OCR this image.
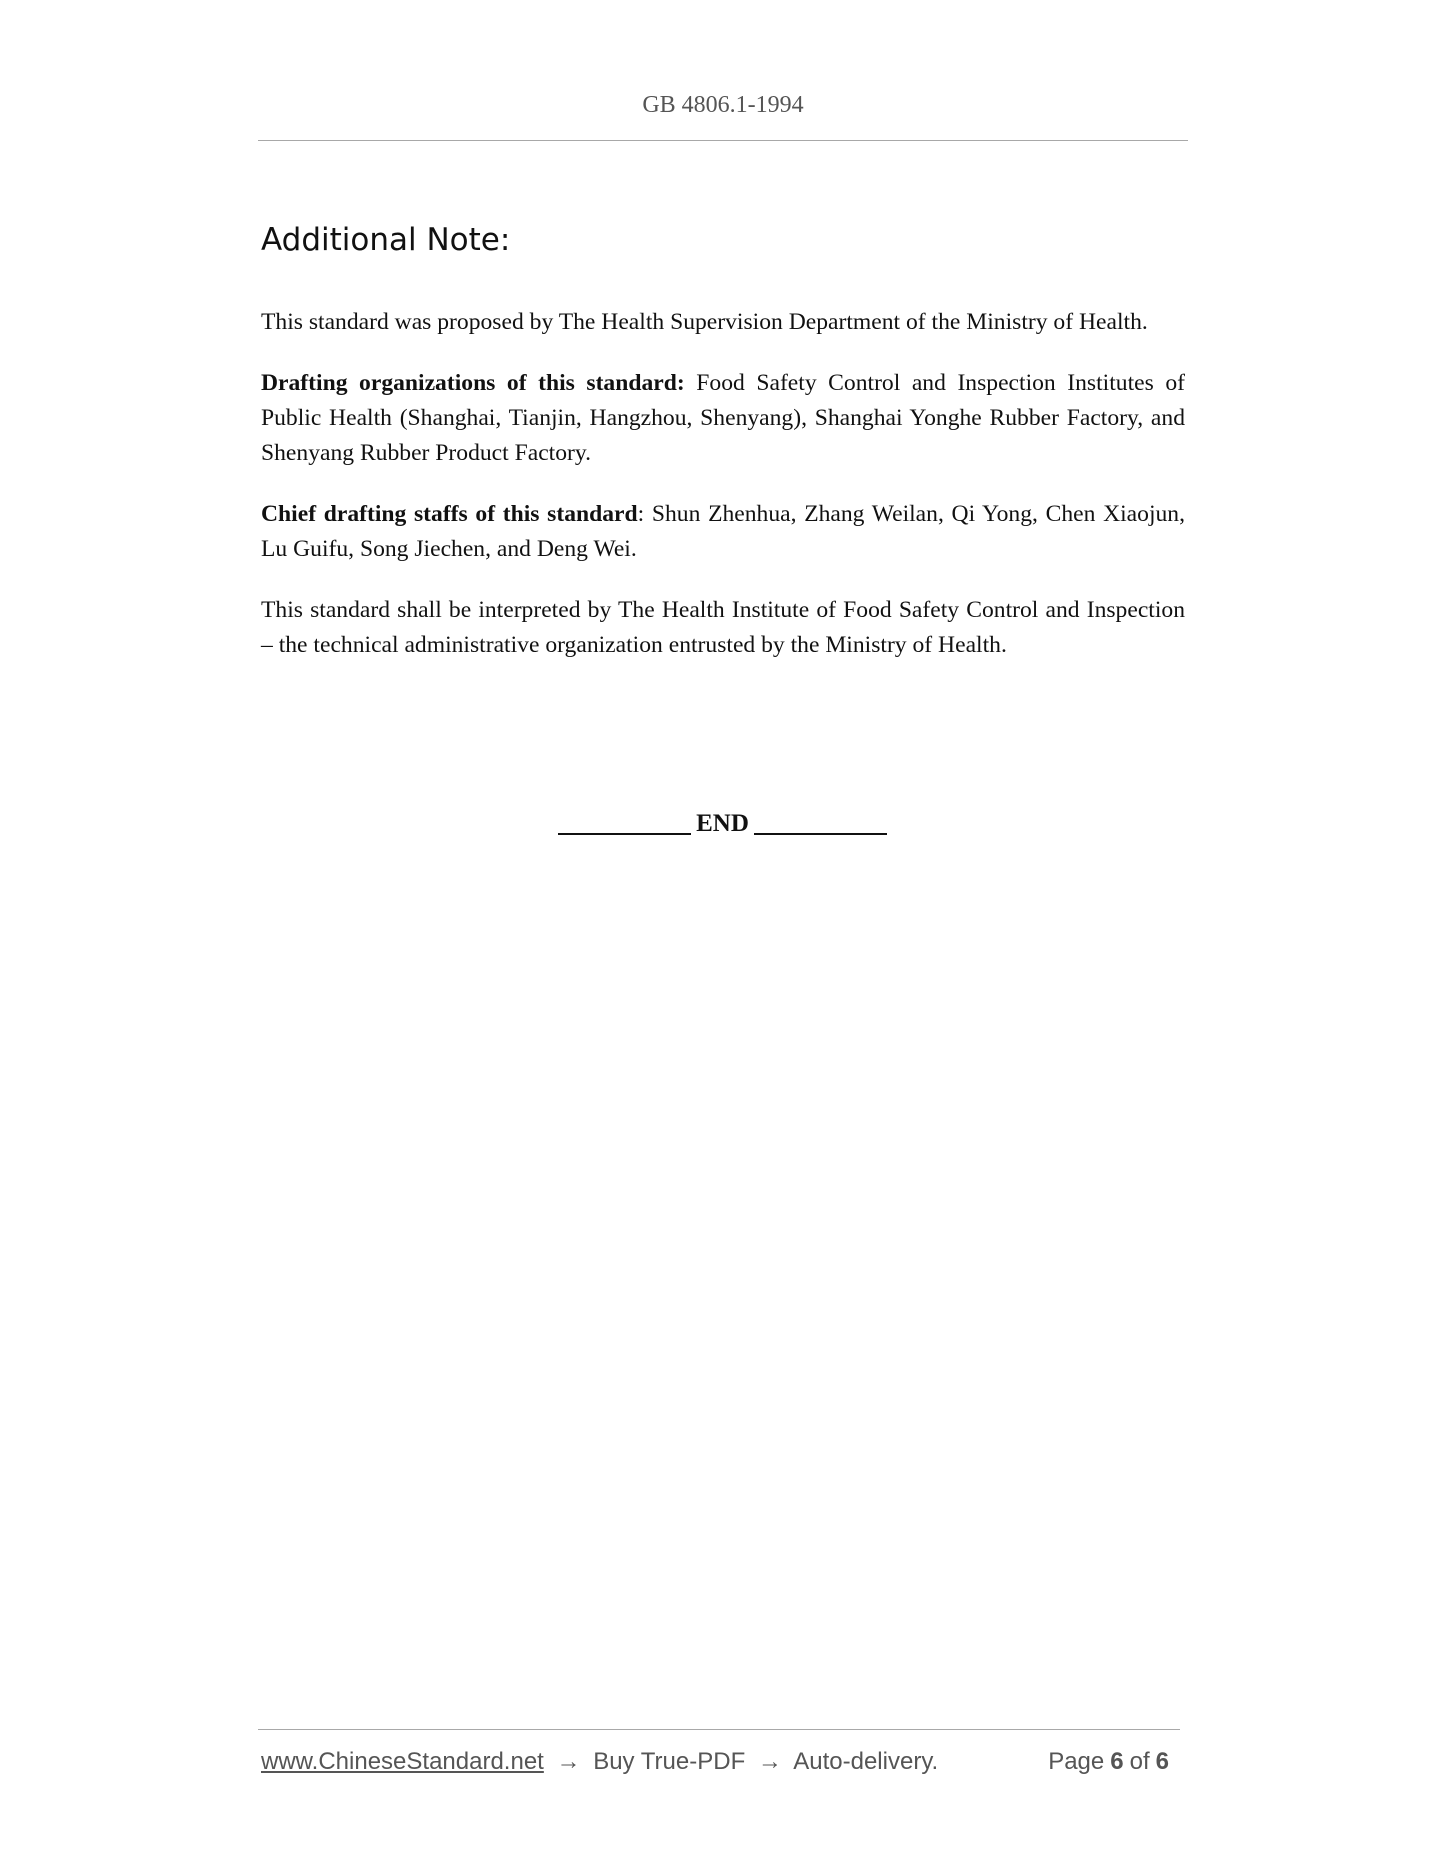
GB 4806.1-1994
Additional Note:

This standard was proposed by The Health Supervision Department of the Ministry of Health.

Drafting organizations of this standard: Food Safety Control and Inspection Institutes of Public Health (Shanghai, Tianjin, Hangzhou, Shenyang), Shanghai Yonghe Rubber Factory, and Shenyang Rubber Product Factory.

Chief drafting staffs of this standard: Shun Zhenhua, Zhang Weilan, Qi Yong, Chen Xiaojun, Lu Guifu, Song Jiechen, and Deng Wei.

This standard shall be interpreted by The Health Institute of Food Safety Control and Inspection – the technical administrative organization entrusted by the Ministry of Health.

END
www.ChineseStandard.net → Buy True-PDF → Auto-delivery.	Page 6 of 6
